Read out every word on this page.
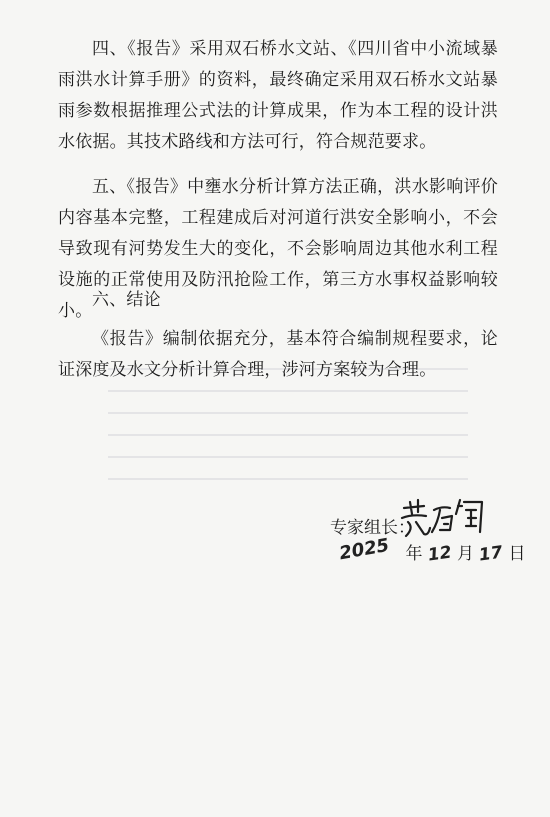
四、《报告》采用双石桥水文站、《四川省中小流域暴雨洪水计算手册》的资料，最终确定采用双石桥水文站暴雨参数根据推理公式法的计算成果，作为本工程的设计洪水依据。其技术路线和方法可行，符合规范要求。

五、《报告》中壅水分析计算方法正确，洪水影响评价内容基本完整，工程建成后对河道行洪安全影响小，不会导致现有河势发生大的变化，不会影响周边其他水利工程设施的正常使用及防汛抢险工作，第三方水事权益影响较小。

六、结论

《报告》编制依据充分，基本符合编制规程要求，论证深度及水文分析计算合理，涉河方案较为合理。

专家组长：
2025 年 12 月 17 日
